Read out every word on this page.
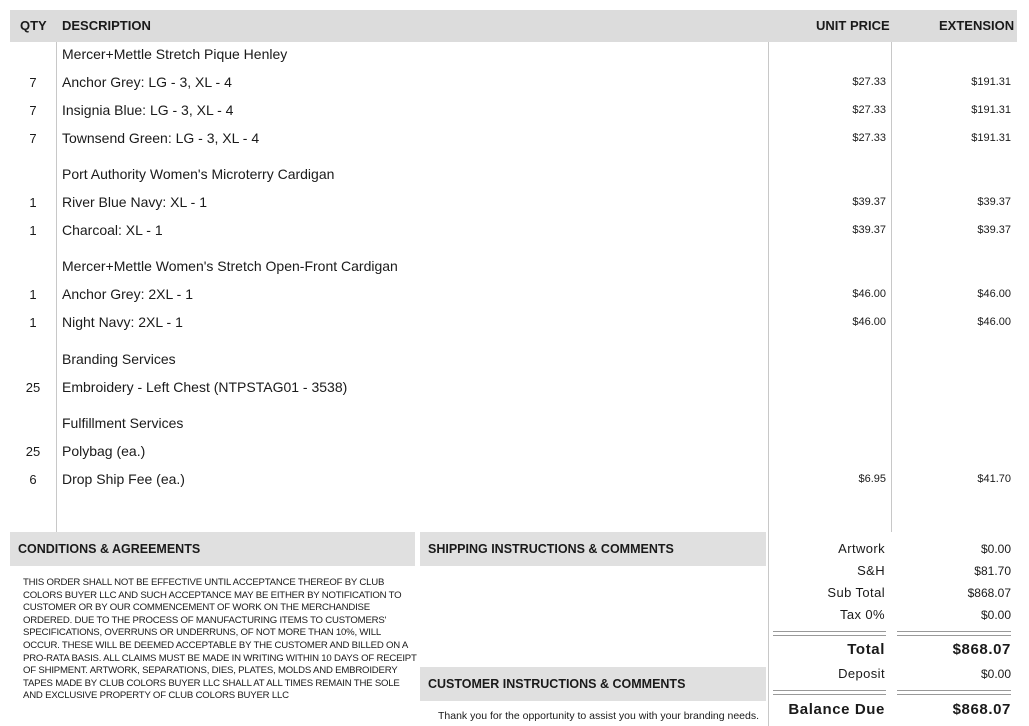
QTY DESCRIPTION	UNIT PRICE	EXTENSION
Mercer+Mettle Stretch Pique Henley
7	Anchor Grey: LG - 3, XL - 4	$27.33	$191.31
7	Insignia Blue: LG - 3, XL - 4	$27.33	$191.31
7	Townsend Green: LG - 3, XL - 4	$27.33	$191.31
Port Authority Women's Microterry Cardigan
1	River Blue Navy: XL - 1	$39.37	$39.37
1	Charcoal: XL - 1	$39.37	$39.37
Mercer+Mettle Women's Stretch Open-Front Cardigan
1	Anchor Grey: 2XL - 1	$46.00	$46.00
1	Night Navy: 2XL - 1	$46.00	$46.00
Branding Services
25	Embroidery - Left Chest (NTPSTAG01 - 3538)
Fulfillment Services
25	Polybag (ea.)
6	Drop Ship Fee (ea.)	$6.95	$41.70
CONDITIONS & AGREEMENTS
THIS ORDER SHALL NOT BE EFFECTIVE UNTIL ACCEPTANCE THEREOF BY CLUB COLORS BUYER LLC AND SUCH ACCEPTANCE MAY BE EITHER BY NOTIFICATION TO CUSTOMER OR BY OUR COMMENCEMENT OF WORK ON THE MERCHANDISE ORDERED. DUE TO THE PROCESS OF MANUFACTURING ITEMS TO CUSTOMERS' SPECIFICATIONS, OVERRUNS OR UNDERRUNS, OF NOT MORE THAN 10%, WILL OCCUR. THESE WILL BE DEEMED ACCEPTABLE BY THE CUSTOMER AND BILLED ON A PRO-RATA BASIS. ALL CLAIMS MUST BE MADE IN WRITING WITHIN 10 DAYS OF RECEIPT OF SHIPMENT. ARTWORK, SEPARATIONS, DIES, PLATES, MOLDS AND EMBROIDERY TAPES MADE BY CLUB COLORS BUYER LLC SHALL AT ALL TIMES REMAIN THE SOLE AND EXCLUSIVE PROPERTY OF CLUB COLORS BUYER LLC
SHIPPING INSTRUCTIONS & COMMENTS
CUSTOMER INSTRUCTIONS & COMMENTS
Thank you for the opportunity to assist you with your branding needs.
Artwork	$0.00
S&H	$81.70
Sub Total	$868.07
Tax 0%	$0.00
Total	$868.07
Deposit	$0.00
Balance Due	$868.07
